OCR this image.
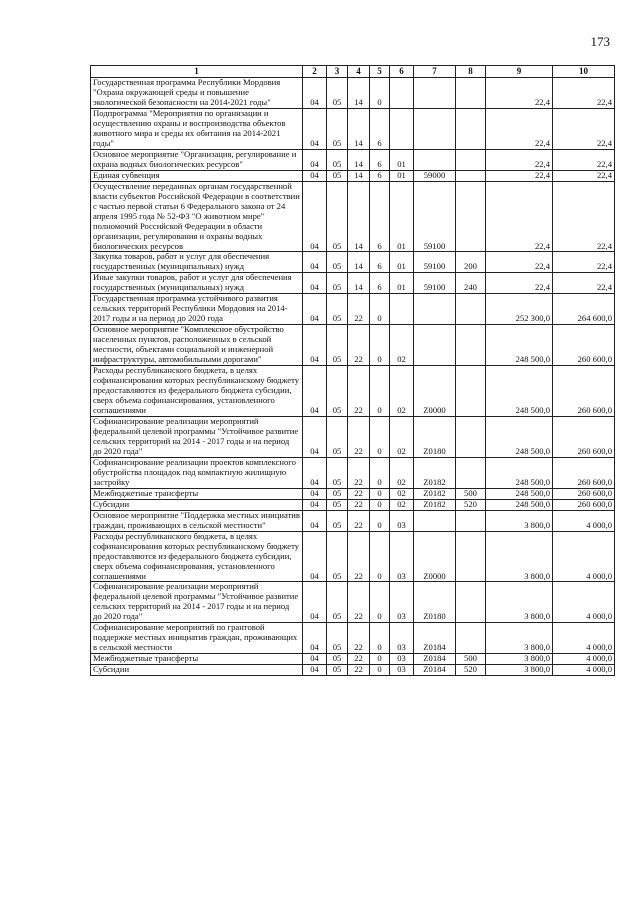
173
1	2	3	4	5	6	7	8	9	10
Государственная программа Республики Мордовия "Охрана окружающей среды и повышение экологической безопасности на 2014-2021 годы"	04	05	14	0				22,4	22,4
Подпрограмма "Мероприятия по организации и осуществлению охраны и воспроизводства объектов животного мира и среды их обитания на 2014-2021 годы"	04	05	14	6				22,4	22,4
Основное мероприятие "Организация, регулирование и охрана водных биологических ресурсов"	04	05	14	6	01			22,4	22,4
Единая субвенция	04	05	14	6	01	59000		22,4	22,4
Осуществление переданных органам государственной власти субъектов Российской Федерации в соответствии с частью первой статьи 6 Федерального закона от 24 апреля 1995 года № 52-ФЗ "О животном мире" полномочий Российской Федерации в области организации, регулирования и охраны водных биологических ресурсов	04	05	14	6	01	59100		22,4	22,4
Закупка товаров, работ и услуг для обеспечения государственных (муниципальных) нужд	04	05	14	6	01	59100	200	22,4	22,4
Иные закупки товаров, работ и услуг для обеспечения государственных (муниципальных) нужд	04	05	14	6	01	59100	240	22,4	22,4
Государственная программа устойчивого развития сельских территорий Республики Мордовия на 2014-2017 годы и на период до 2020 года	04	05	22	0				252 300,0	264 600,0
Основное мероприятие "Комплексное обустройство населенных пунктов, расположенных в сельской местности, объектами социальной и инженерной инфраструктуры, автомобильными дорогами"	04	05	22	0	02			248 500,0	260 600,0
Расходы республиканского бюджета, в целях софинансирования которых республиканскому бюджету предоставляются из федерального бюджета субсидии, сверх объема софинансирования, установленного соглашениями	04	05	22	0	02	Z0000		248 500,0	260 600,0
Софинансирование реализации мероприятий федеральной целевой программы "Устойчивое развитие сельских территорий на 2014 - 2017 годы и на период до 2020 года"	04	05	22	0	02	Z0180		248 500,0	260 600,0
Софинансирование реализации проектов комплексного обустройства площадок под компактную жилищную застройку	04	05	22	0	02	Z0182		248 500,0	260 600,0
Межбюджетные трансферты	04	05	22	0	02	Z0182	500	248 500,0	260 600,0
Субсидии	04	05	22	0	02	Z0182	520	248 500,0	260 600,0
Основное мероприятие "Поддержка местных инициатив граждан, проживающих в сельской местности"	04	05	22	0	03			3 800,0	4 000,0
Расходы республиканского бюджета, в целях софинансирования которых республиканскому бюджету предоставляются из федерального бюджета субсидии, сверх объема софинансирования, установленного соглашениями	04	05	22	0	03	Z0000		3 800,0	4 000,0
Софинансирование реализации мероприятий федеральной целевой программы "Устойчивое развитие сельских территорий на 2014 - 2017 годы и на период до 2020 года"	04	05	22	0	03	Z0180		3 800,0	4 000,0
Софинансирование мероприятий по грантовой поддержке местных инициатив граждан, проживающих в сельской местности	04	05	22	0	03	Z0184		3 800,0	4 000,0
Межбюджетные трансферты	04	05	22	0	03	Z0184	500	3 800,0	4 000,0
Субсидии	04	05	22	0	03	Z0184	520	3 800,0	4 000,0
